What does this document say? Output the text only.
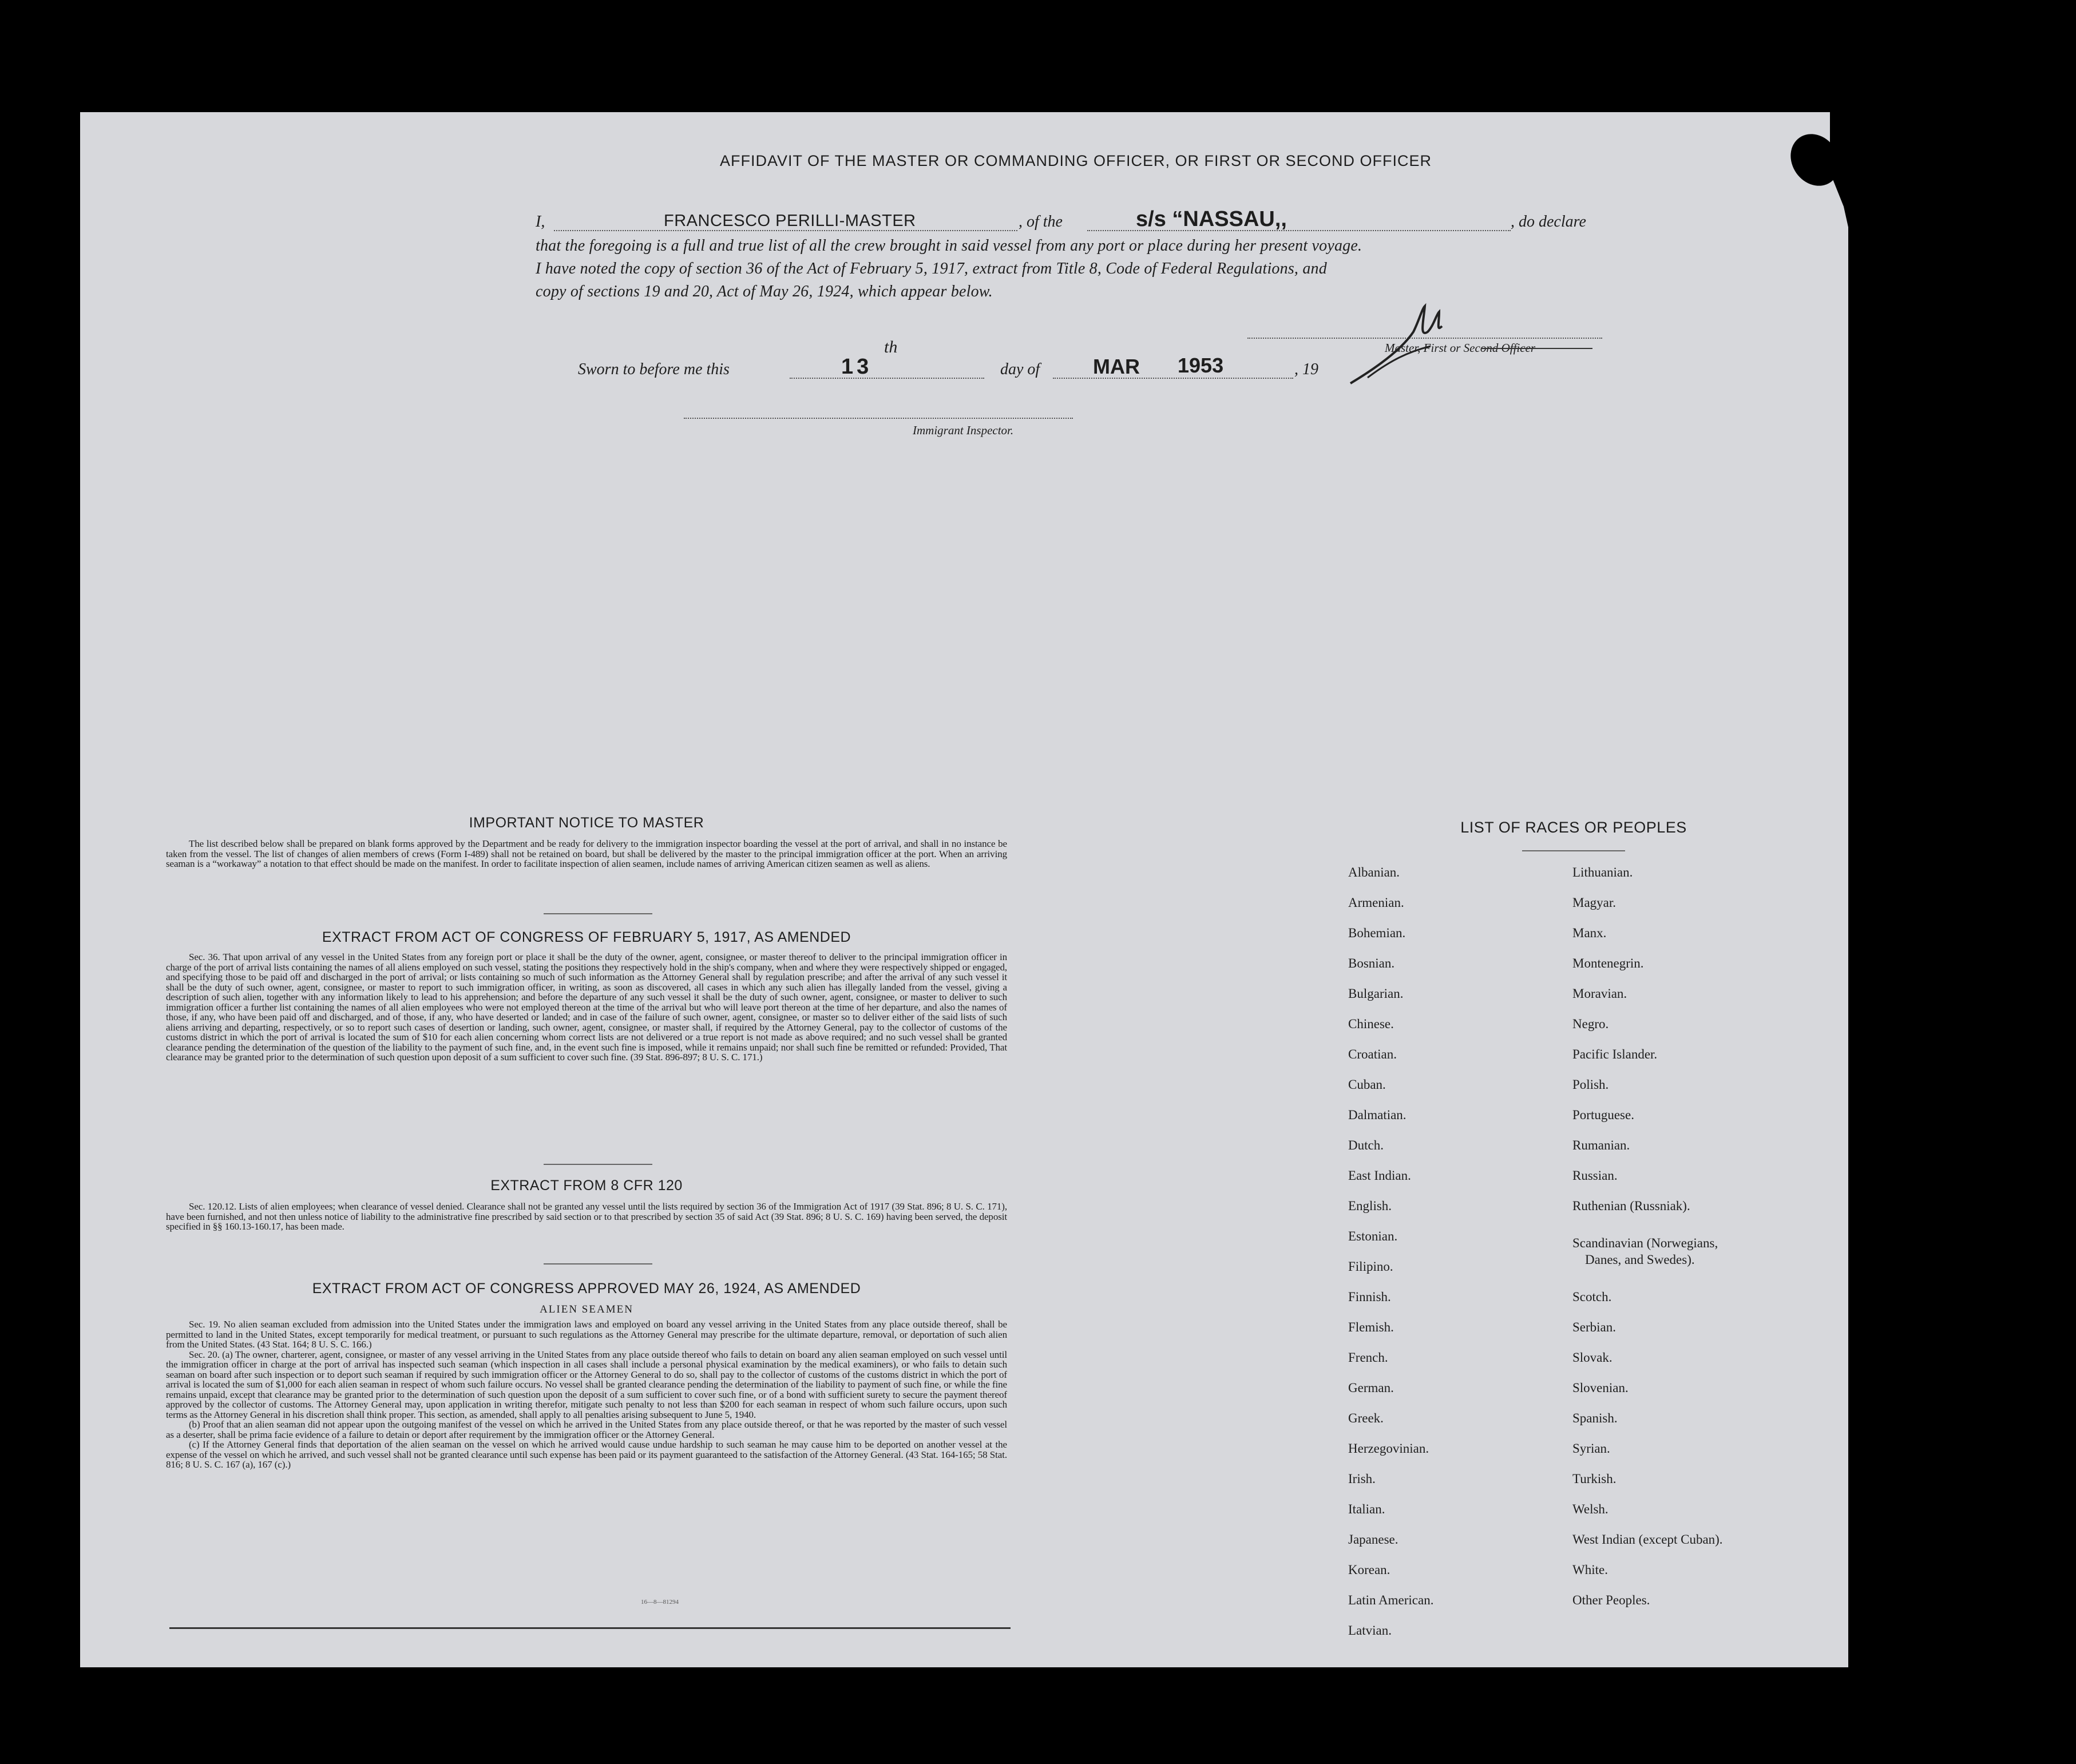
AFFIDAVIT OF THE MASTER OR COMMANDING OFFICER, OR FIRST OR SECOND OFFICER
I,	FRANCESCO PERILLI-MASTER	, of the	s/s “NASSAU,,	, do declare
that the foregoing is a full and true list of all the crew brought in said vessel from any port or place during her present voyage.
I have noted the copy of section 36 of the Act of February 5, 1917, extract from Title 8, Code of Federal Regulations, and
copy of sections 19 and 20, Act of May 26, 1924, which appear below.
Master, First or Second Officer
Sworn to before me this	13
th
day of	MAR 1953	, 19
Immigrant Inspector.
IMPORTANT NOTICE TO MASTER

The list described below shall be prepared on blank forms approved by the Department and be ready for delivery to the immigration inspector boarding the vessel at the port of arrival, and shall in no instance be taken from the vessel. The list of changes of alien members of crews (Form I-489) shall not be retained on board, but shall be delivered by the master to the principal immigration officer at the port. When an arriving seaman is a “workaway” a notation to that effect should be made on the manifest. In order to facilitate inspection of alien seamen, include names of arriving American citizen seamen as well as aliens.

EXTRACT FROM ACT OF CONGRESS OF FEBRUARY 5, 1917, AS AMENDED

Sec. 36. That upon arrival of any vessel in the United States from any foreign port or place it shall be the duty of the owner, agent, consignee, or master thereof to deliver to the principal immigration officer in charge of the port of arrival lists containing the names of all aliens employed on such vessel, stating the positions they respectively hold in the ship's company, when and where they were respectively shipped or engaged, and specifying those to be paid off and discharged in the port of arrival; or lists containing so much of such information as the Attorney General shall by regulation prescribe; and after the arrival of any such vessel it shall be the duty of such owner, agent, consignee, or master to report to such immigration officer, in writing, as soon as discovered, all cases in which any such alien has illegally landed from the vessel, giving a description of such alien, together with any information likely to lead to his apprehension; and before the departure of any such vessel it shall be the duty of such owner, agent, consignee, or master to deliver to such immigration officer a further list containing the names of all alien employees who were not employed thereon at the time of the arrival but who will leave port thereon at the time of her departure, and also the names of those, if any, who have been paid off and discharged, and of those, if any, who have deserted or landed; and in case of the failure of such owner, agent, consignee, or master so to deliver either of the said lists of such aliens arriving and departing, respectively, or so to report such cases of desertion or landing, such owner, agent, consignee, or master shall, if required by the Attorney General, pay to the collector of customs of the customs district in which the port of arrival is located the sum of $10 for each alien concerning whom correct lists are not delivered or a true report is not made as above required; and no such vessel shall be granted clearance pending the determination of the question of the liability to the payment of such fine, and, in the event such fine is imposed, while it remains unpaid; nor shall such fine be remitted or refunded: Provided, That clearance may be granted prior to the determination of such question upon deposit of a sum sufficient to cover such fine. (39 Stat. 896-897; 8 U. S. C. 171.)

EXTRACT FROM 8 CFR 120

Sec. 120.12. Lists of alien employees; when clearance of vessel denied. Clearance shall not be granted any vessel until the lists required by section 36 of the Immigration Act of 1917 (39 Stat. 896; 8 U. S. C. 171), have been furnished, and not then unless notice of liability to the administrative fine prescribed by said section or to that prescribed by section 35 of said Act (39 Stat. 896; 8 U. S. C. 169) having been served, the deposit specified in §§ 160.13-160.17, has been made.

EXTRACT FROM ACT OF CONGRESS APPROVED MAY 26, 1924, AS AMENDED
ALIEN SEAMEN

Sec. 19. No alien seaman excluded from admission into the United States under the immigration laws and employed on board any vessel arriving in the United States from any place outside thereof, shall be permitted to land in the United States, except temporarily for medical treatment, or pursuant to such regulations as the Attorney General may prescribe for the ultimate departure, removal, or deportation of such alien from the United States. (43 Stat. 164; 8 U. S. C. 166.)

Sec. 20. (a) The owner, charterer, agent, consignee, or master of any vessel arriving in the United States from any place outside thereof who fails to detain on board any alien seaman employed on such vessel until the immigration officer in charge at the port of arrival has inspected such seaman (which inspection in all cases shall include a personal physical examination by the medical examiners), or who fails to detain such seaman on board after such inspection or to deport such seaman if required by such immigration officer or the Attorney General to do so, shall pay to the collector of customs of the customs district in which the port of arrival is located the sum of $1,000 for each alien seaman in respect of whom such failure occurs. No vessel shall be granted clearance pending the determination of the liability to payment of such fine, or while the fine remains unpaid, except that clearance may be granted prior to the determination of such question upon the deposit of a sum sufficient to cover such fine, or of a bond with sufficient surety to secure the payment thereof approved by the collector of customs. The Attorney General may, upon application in writing therefor, mitigate such penalty to not less than $200 for each seaman in respect of whom such failure occurs, upon such terms as the Attorney General in his discretion shall think proper. This section, as amended, shall apply to all penalties arising subsequent to June 5, 1940.

(b) Proof that an alien seaman did not appear upon the outgoing manifest of the vessel on which he arrived in the United States from any place outside thereof, or that he was reported by the master of such vessel as a deserter, shall be prima facie evidence of a failure to detain or deport after requirement by the immigration officer or the Attorney General.

(c) If the Attorney General finds that deportation of the alien seaman on the vessel on which he arrived would cause undue hardship to such seaman he may cause him to be deported on another vessel at the expense of the vessel on which he arrived, and such vessel shall not be granted clearance until such expense has been paid or its payment guaranteed to the satisfaction of the Attorney General. (43 Stat. 164-165; 58 Stat. 816; 8 U. S. C. 167 (a), 167 (c).)

16—8—81294
LIST OF RACES OR PEOPLES
Albanian.
Armenian.
Bohemian.
Bosnian.
Bulgarian.
Chinese.
Croatian.
Cuban.
Dalmatian.
Dutch.
East Indian.
English.
Estonian.
Filipino.
Finnish.
Flemish.
French.
German.
Greek.
Herzegovinian.
Irish.
Italian.
Japanese.
Korean.
Latin American.
Latvian.
Lithuanian.
Magyar.
Manx.
Montenegrin.
Moravian.
Negro.
Pacific Islander.
Polish.
Portuguese.
Rumanian.
Russian.
Ruthenian (Russniak).
Scandinavian (Norwegians,
Danes, and Swedes).
Scotch.
Serbian.
Slovak.
Slovenian.
Spanish.
Syrian.
Turkish.
Welsh.
West Indian (except Cuban).
White.
Other Peoples.
